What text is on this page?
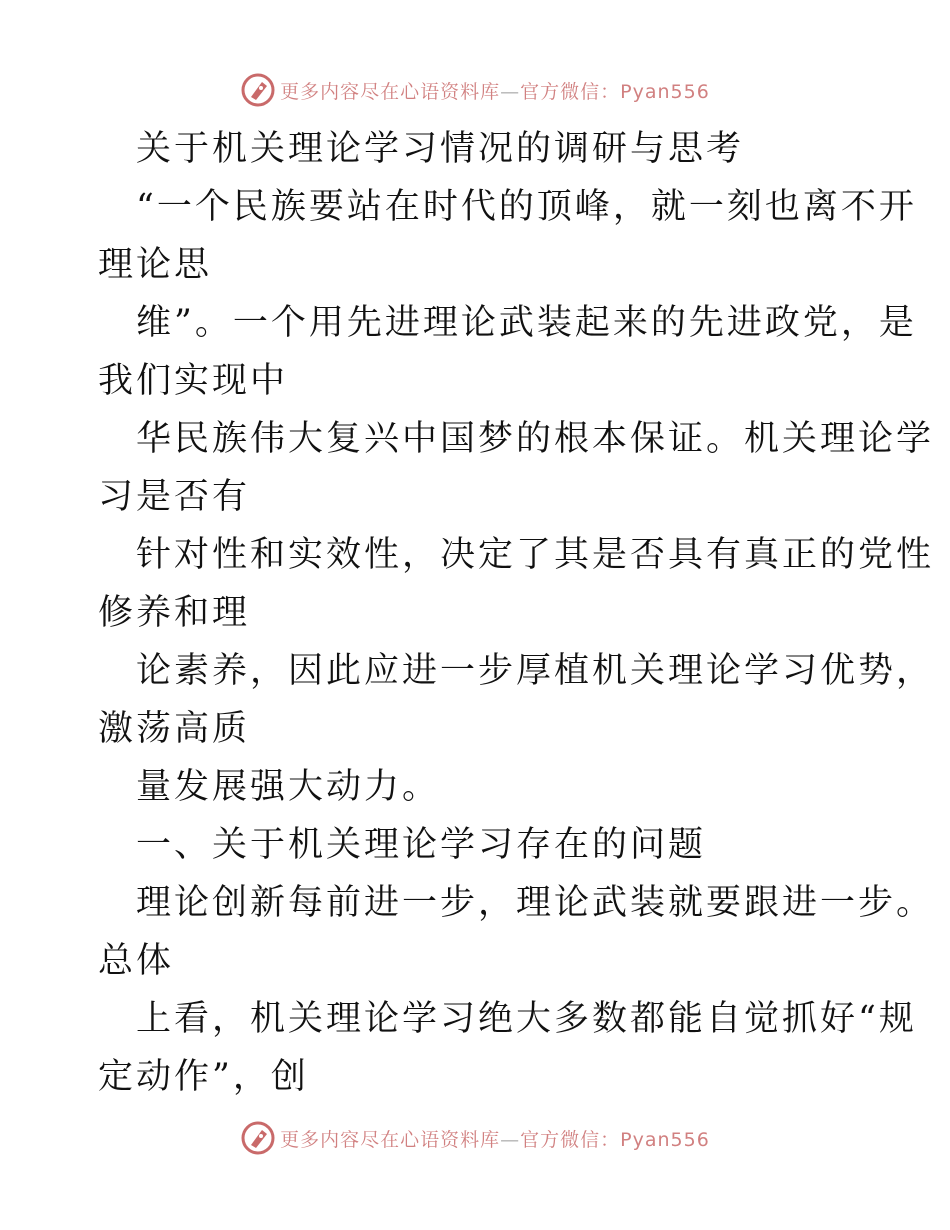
更多内容尽在心语资料库—官方微信：Pyan556
关于机关理论学习情况的调研与思考
“一个民族要站在时代的顶峰，就一刻也离不开
理论思
维”。一个用先进理论武装起来的先进政党，是
我们实现中
华民族伟大复兴中国梦的根本保证。机关理论学
习是否有
针对性和实效性，决定了其是否具有真正的党性
修养和理
论素养，因此应进一步厚植机关理论学习优势，
激荡高质
量发展强大动力。
一、关于机关理论学习存在的问题
理论创新每前进一步，理论武装就要跟进一步。
总体
上看，机关理论学习绝大多数都能自觉抓好“规
定动作”，创
更多内容尽在心语资料库—官方微信：Pyan556
